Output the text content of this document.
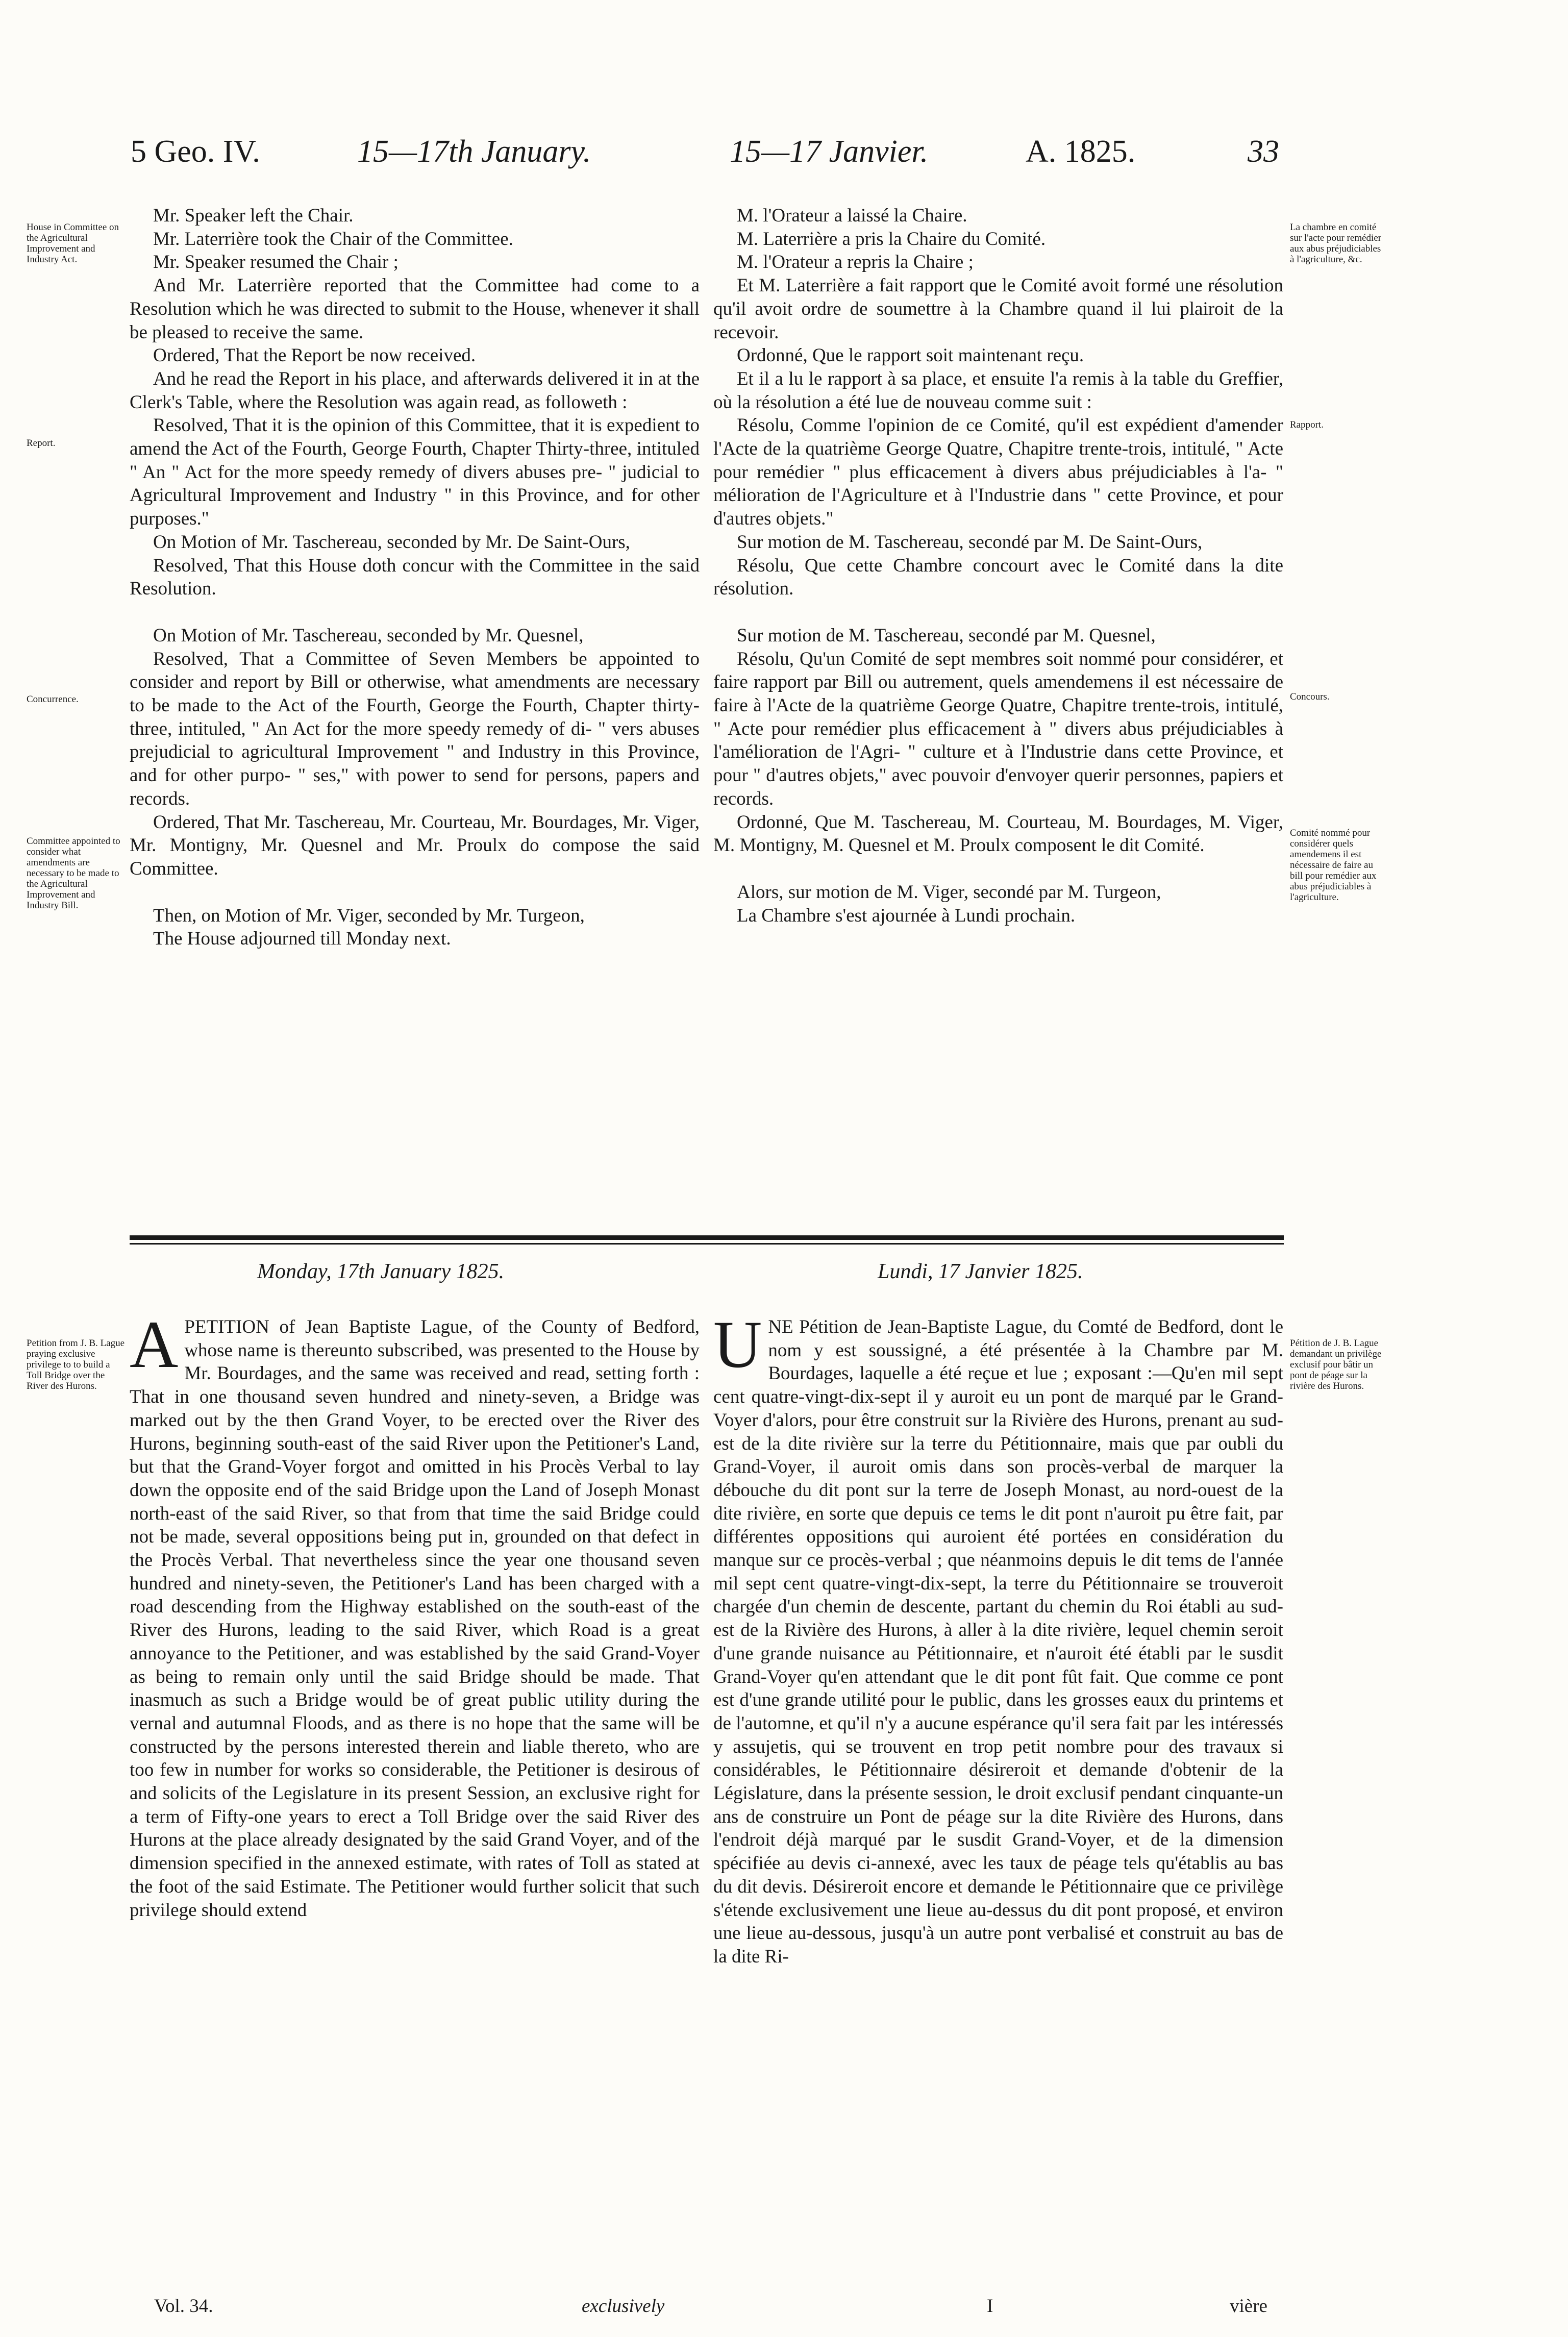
5 Geo. IV.	15—17th January.	15—17 Janvier.	A. 1825.	33
House in Committee on the Agricultural Improvement and Industry Act.
Report.
Concurrence.
Committee appointed to consider what amendments are necessary to be made to the Agricultural Improvement and Industry Bill.
Petition from J. B. Lague praying exclusive privilege to to build a Toll Bridge over the River des Hurons.
La chambre en comité sur l'acte pour remédier aux abus préjudiciables à l'agriculture, &c.
Rapport.
Concours.
Comité nommé pour considérer quels amendemens il est nécessaire de faire au bill pour remédier aux abus préjudiciables à l'agriculture.
Pétition de J. B. Lague demandant un privilège exclusif pour bâtir un pont de péage sur la rivière des Hurons.

Mr. Speaker left the Chair.

Mr. Laterrière took the Chair of the Committee.

Mr. Speaker resumed the Chair ;

And Mr. Laterrière reported that the Committee had come to a Resolution which he was directed to submit to the House, whenever it shall be pleased to receive the same.

Ordered, That the Report be now received.

And he read the Report in his place, and afterwards delivered it in at the Clerk's Table, where the Resolution was again read, as followeth :

Resolved, That it is the opinion of this Committee, that it is expedient to amend the Act of the Fourth, George Fourth, Chapter Thirty-three, intituled " An " Act for the more speedy remedy of divers abuses pre- " judicial to Agricultural Improvement and Industry " in this Province, and for other purposes."

On Motion of Mr. Taschereau, seconded by Mr. De Saint-Ours,

Resolved, That this House doth concur with the Committee in the said Resolution.

On Motion of Mr. Taschereau, seconded by Mr. Quesnel,

Resolved, That a Committee of Seven Members be appointed to consider and report by Bill or otherwise, what amendments are necessary to be made to the Act of the Fourth, George the Fourth, Chapter thirty-three, intituled, " An Act for the more speedy remedy of di- " vers abuses prejudicial to agricultural Improvement " and Industry in this Province, and for other purpo- " ses," with power to send for persons, papers and records.

Ordered, That Mr. Taschereau, Mr. Courteau, Mr. Bourdages, Mr. Viger, Mr. Montigny, Mr. Quesnel and Mr. Proulx do compose the said Committee.

Then, on Motion of Mr. Viger, seconded by Mr. Turgeon,

The House adjourned till Monday next.

M. l'Orateur a laissé la Chaire.

M. Laterrière a pris la Chaire du Comité.

M. l'Orateur a repris la Chaire ;

Et M. Laterrière a fait rapport que le Comité avoit formé une résolution qu'il avoit ordre de soumettre à la Chambre quand il lui plairoit de la recevoir.

Ordonné, Que le rapport soit maintenant reçu.

Et il a lu le rapport à sa place, et ensuite l'a remis à la table du Greffier, où la résolution a été lue de nouveau comme suit :

Résolu, Comme l'opinion de ce Comité, qu'il est expédient d'amender l'Acte de la quatrième George Quatre, Chapitre trente-trois, intitulé, " Acte pour remédier " plus efficacement à divers abus préjudiciables à l'a- " mélioration de l'Agriculture et à l'Industrie dans " cette Province, et pour d'autres objets."

Sur motion de M. Taschereau, secondé par M. De Saint-Ours,

Résolu, Que cette Chambre concourt avec le Comité dans la dite résolution.

Sur motion de M. Taschereau, secondé par M. Quesnel,

Résolu, Qu'un Comité de sept membres soit nommé pour considérer, et faire rapport par Bill ou autrement, quels amendemens il est nécessaire de faire à l'Acte de la quatrième George Quatre, Chapitre trente-trois, intitulé, " Acte pour remédier plus efficacement à " divers abus préjudiciables à l'amélioration de l'Agri- " culture et à l'Industrie dans cette Province, et pour " d'autres objets," avec pouvoir d'envoyer querir personnes, papiers et records.

Ordonné, Que M. Taschereau, M. Courteau, M. Bourdages, M. Viger, M. Montigny, M. Quesnel et M. Proulx composent le dit Comité.

Alors, sur motion de M. Viger, secondé par M. Turgeon,

La Chambre s'est ajournée à Lundi prochain.

Monday, 17th January 1825.	Lundi, 17 Janvier 1825.
A PETITION of Jean Baptiste Lague, of the County of Bedford, whose name is thereunto subscribed, was presented to the House by Mr. Bourdages, and the same was received and read, setting forth : That in one thousand seven hundred and ninety-seven, a Bridge was marked out by the then Grand Voyer, to be erected over the River des Hurons, beginning south-east of the said River upon the Petitioner's Land, but that the Grand-Voyer forgot and omitted in his Procès Verbal to lay down the opposite end of the said Bridge upon the Land of Joseph Monast north-east of the said River, so that from that time the said Bridge could not be made, several oppositions being put in, grounded on that defect in the Procès Verbal. That nevertheless since the year one thousand seven hundred and ninety-seven, the Petitioner's Land has been charged with a road descending from the Highway established on the south-east of the River des Hurons, leading to the said River, which Road is a great annoyance to the Petitioner, and was established by the said Grand-Voyer as being to remain only until the said Bridge should be made. That inasmuch as such a Bridge would be of great public utility during the vernal and autumnal Floods, and as there is no hope that the same will be constructed by the persons interested therein and liable thereto, who are too few in number for works so considerable, the Petitioner is desirous of and solicits of the Legislature in its present Session, an exclusive right for a term of Fifty-one years to erect a Toll Bridge over the said River des Hurons at the place already designated by the said Grand Voyer, and of the dimension specified in the annexed estimate, with rates of Toll as stated at the foot of the said Estimate. The Petitioner would further solicit that such privilege should extend

U NE Pétition de Jean-Baptiste Lague, du Comté de Bedford, dont le nom y est soussigné, a été présentée à la Chambre par M. Bourdages, laquelle a été reçue et lue ; exposant :—Qu'en mil sept cent quatre-vingt-dix-sept il y auroit eu un pont de marqué par le Grand-Voyer d'alors, pour être construit sur la Rivière des Hurons, prenant au sud-est de la dite rivière sur la terre du Pétitionnaire, mais que par oubli du Grand-Voyer, il auroit omis dans son procès-verbal de marquer la débouche du dit pont sur la terre de Joseph Monast, au nord-ouest de la dite rivière, en sorte que depuis ce tems le dit pont n'auroit pu être fait, par différentes oppositions qui auroient été portées en considération du manque sur ce procès-verbal ; que néanmoins depuis le dit tems de l'année mil sept cent quatre-vingt-dix-sept, la terre du Pétitionnaire se trouveroit chargée d'un chemin de descente, partant du chemin du Roi établi au sud-est de la Rivière des Hurons, à aller à la dite rivière, lequel chemin seroit d'une grande nuisance au Pétitionnaire, et n'auroit été établi par le susdit Grand-Voyer qu'en attendant que le dit pont fût fait. Que comme ce pont est d'une grande utilité pour le public, dans les grosses eaux du printems et de l'automne, et qu'il n'y a aucune espérance qu'il sera fait par les intéressés y assujetis, qui se trouvent en trop petit nombre pour des travaux si considérables, le Pétitionnaire désireroit et demande d'obtenir de la Législature, dans la présente session, le droit exclusif pendant cinquante-un ans de construire un Pont de péage sur la dite Rivière des Hurons, dans l'endroit déjà marqué par le susdit Grand-Voyer, et de la dimension spécifiée au devis ci-annexé, avec les taux de péage tels qu'établis au bas du dit devis. Désireroit encore et demande le Pétitionnaire que ce privilège s'étende exclusivement une lieue au-dessus du dit pont proposé, et environ une lieue au-dessous, jusqu'à un autre pont verbalisé et construit au bas de la dite Ri-

Vol. 34.	exclusively	I	vière
